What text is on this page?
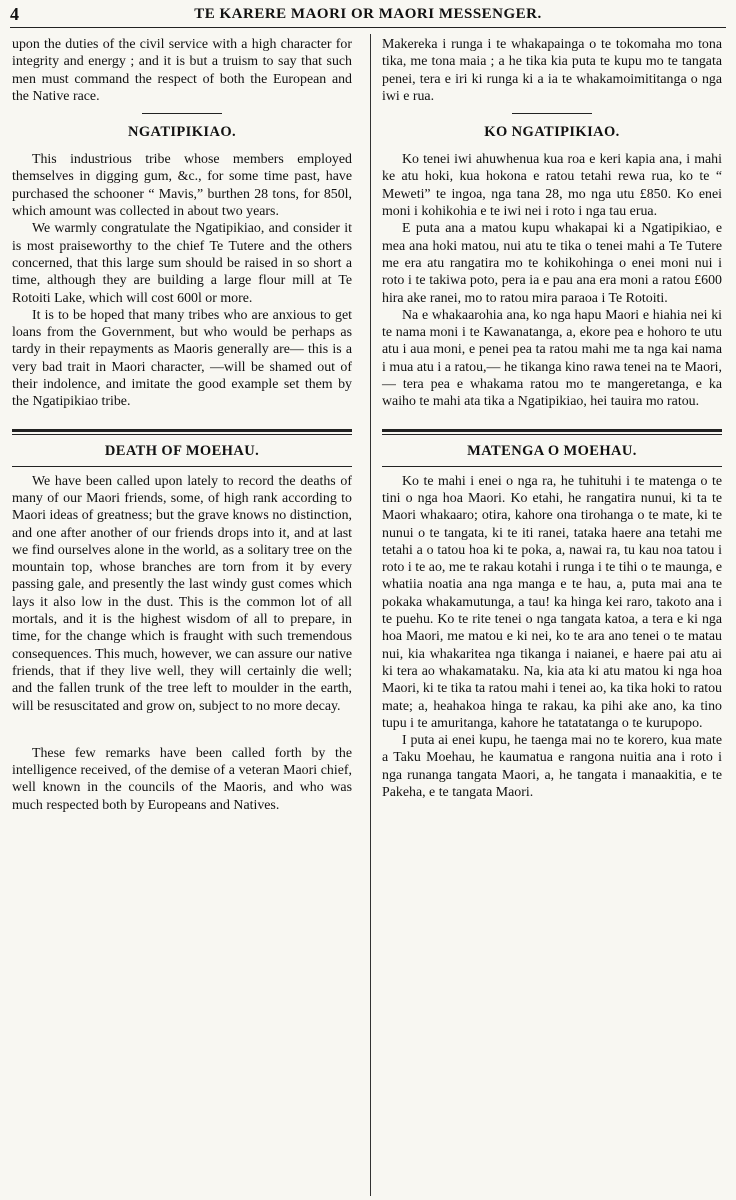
4	TE KARERE MAORI OR MAORI MESSENGER.

upon the duties of the civil service with a high character for integrity and energy ; and it is but a truism to say that such men must command the respect of both the European and the Native race.

NGATIPIKIAO.

This industrious tribe whose members employed themselves in digging gum, &c., for some time past, have purchased the schooner “ Mavis,” burthen 28 tons, for 850l, which amount was collected in about two years.

We warmly congratulate the Ngatipikiao, and consider it is most praiseworthy to the chief Te Tutere and the others concerned, that this large sum should be raised in so short a time, although they are building a large flour mill at Te Rotoiti Lake, which will cost 600l or more.

It is to be hoped that many tribes who are anxious to get loans from the Government, but who would be perhaps as tardy in their repayments as Maoris generally are— this is a very bad trait in Maori character, —will be shamed out of their indolence, and imitate the good example set them by the Ngatipikiao tribe.

DEATH OF MOEHAU.

We have been called upon lately to record the deaths of many of our Maori friends, some, of high rank according to Maori ideas of greatness; but the grave knows no distinction, and one after another of our friends drops into it, and at last we find ourselves alone in the world, as a solitary tree on the mountain top, whose branches are torn from it by every passing gale, and presently the last windy gust comes which lays it also low in the dust. This is the common lot of all mortals, and it is the highest wisdom of all to prepare, in time, for the change which is fraught with such tremendous consequences. This much, however, we can assure our native friends, that if they live well, they will certainly die well; and the fallen trunk of the tree left to moulder in the earth, will be resuscitated and grow on, subject to no more decay.

These few remarks have been called forth by the intelligence received, of the demise of a veteran Maori chief, well known in the councils of the Maoris, and who was much respected both by Europeans and Natives.

Makereka i runga i te whakapainga o te tokomaha mo tona tika, me tona maia ; a he tika kia puta te kupu mo te tangata penei, tera e iri ki runga ki a ia te whakamoimititanga o nga iwi e rua.

KO NGATIPIKIAO.

Ko tenei iwi ahuwhenua kua roa e keri kapia ana, i mahi ke atu hoki, kua hokona e ratou tetahi rewa rua, ko te “ Meweti” te ingoa, nga tana 28, mo nga utu £850. Ko enei moni i kohikohia e te iwi nei i roto i nga tau erua.

E puta ana a matou kupu whakapai ki a Ngatipikiao, e mea ana hoki matou, nui atu te tika o tenei mahi a Te Tutere me era atu rangatira mo te kohikohinga o enei moni nui i roto i te takiwa poto, pera ia e pau ana era moni a ratou £600 hira ake ranei, mo to ratou mira paraoa i Te Rotoiti.

Na e whakaarohia ana, ko nga hapu Maori e hiahia nei ki te nama moni i te Kawanatanga, a, ekore pea e hohoro te utu atu i aua moni, e penei pea ta ratou mahi me ta nga kai nama i mua atu i a ratou,— he tikanga kino rawa tenei na te Maori,— tera pea e whakama ratou mo te mangeretanga, e ka waiho te mahi ata tika a Ngatipikiao, hei tauira mo ratou.

MATENGA O MOEHAU.

Ko te mahi i enei o nga ra, he tuhituhi i te matenga o te tini o nga hoa Maori. Ko etahi, he rangatira nunui, ki ta te Maori whakaaro; otira, kahore ona tirohanga o te mate, ki te nunui o te tangata, ki te iti ranei, tataka haere ana tetahi me tetahi a o tatou hoa ki te poka, a, nawai ra, tu kau noa tatou i roto i te ao, me te rakau kotahi i runga i te tihi o te maunga, e whatiia noatia ana nga manga e te hau, a, puta mai ana te pokaka whakamutunga, a tau! ka hinga kei raro, takoto ana i te puehu. Ko te rite tenei o nga tangata katoa, a tera e ki nga hoa Maori, me matou e ki nei, ko te ara ano tenei o te matau nui, kia whakaritea nga tikanga i naianei, e haere pai atu ai ki tera ao whakamataku. Na, kia ata ki atu matou ki nga hoa Maori, ki te tika ta ratou mahi i tenei ao, ka tika hoki to ratou mate; a, heahakoa hinga te rakau, ka pihi ake ano, ka tino tupu i te amuritanga, kahore he tatatatanga o te kurupopo.

I puta ai enei kupu, he taenga mai no te korero, kua mate a Taku Moehau, he kaumatua e rangona nuitia ana i roto i nga runanga tangata Maori, a, he tangata i manaakitia, e te Pakeha, e te tangata Maori.
